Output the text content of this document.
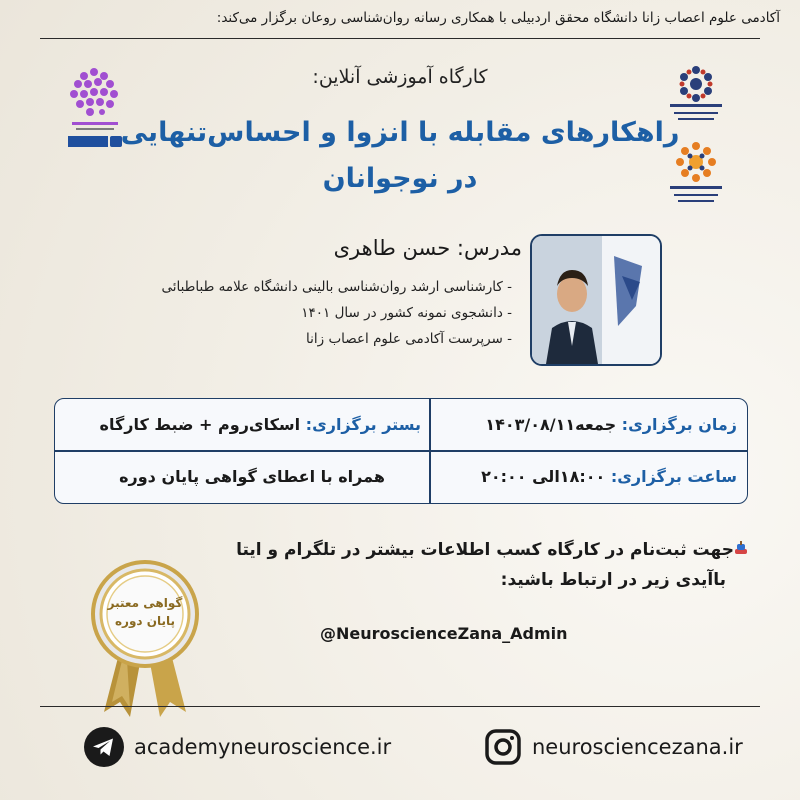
آکادمی علوم اعصاب زانا دانشگاه محقق اردبیلی با همکاری رسانه روان‌شناسی روعان برگزار می‌کند:
کارگاه آموزشی آنلاین:
راهکارهای مقابله با انزوا و احساس‌تنهایی
در نوجوانان
مدرس: حسن طاهری
- کارشناسی ارشد روان‌شناسی بالینی دانشگاه علامه طباطبائی
- دانشجوی نمونه کشور در سال ۱۴۰۱
- سرپرست آکادمی علوم اعصاب زانا
زمان برگزاری: جمعه۱۴۰۳/۰۸/۱۱
بستر برگزاری: اسکای‌روم + ضبط کارگاه
ساعت برگزاری: ۱۸:۰۰الی ۲۰:۰۰
همراه با اعطای گواهی پایان دوره
جهت ثبت‌نام در کارگاه کسب اطلاعات بیشتر در تلگرام و ایتا
باآیدی زیر در ارتباط باشید:
@NeuroscienceZana_Admin
گواهی معتبر
پایان دوره
academyneuroscience.ir	neurosciencezana.ir
